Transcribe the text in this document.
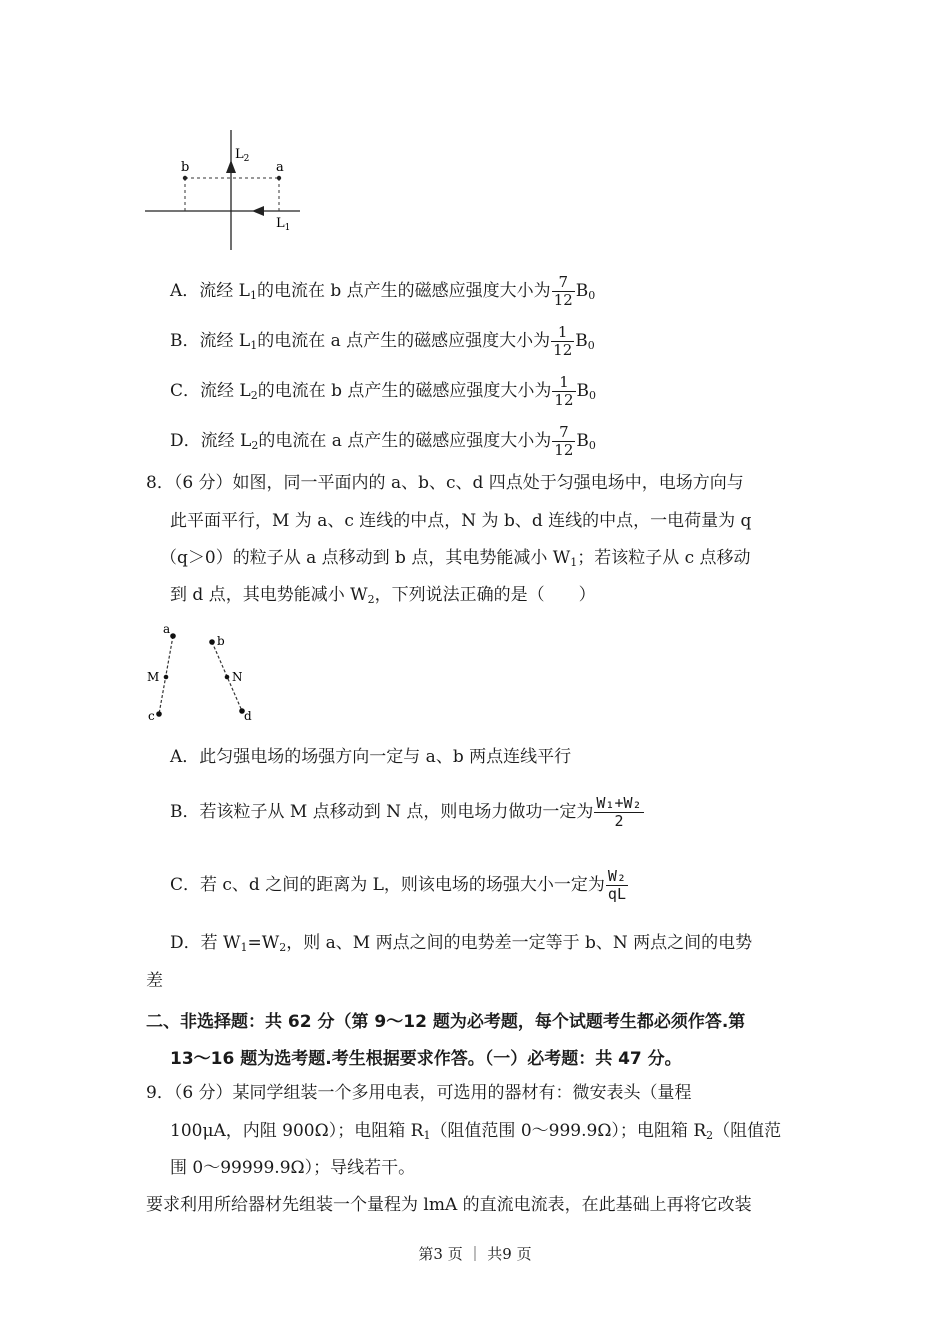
b	a
$L_2$
$L_1$
A．流经 $L_1$的电流在 b 点产生的磁感应强度大小为 $\frac{7}{12} B_0$
B．流经 $L_1$的电流在 a 点产生的磁感应强度大小为 $\frac{1}{12} B_0$
C．流经 $L_2$的电流在 b 点产生的磁感应强度大小为 $\frac{1}{12} B_0$
D．流经 $L_2$的电流在 a 点产生的磁感应强度大小为 $\frac{7}{12} B_0$
8．（6 分）如图，同一平面内的 a、b、c、d 四点处于匀强电场中，电场方向与
此平面平行，M 为 a、c 连线的中点，N 为 b、d 连线的中点，一电荷量为 q
（q＞0）的粒子从 a 点移动到 b 点，其电势能减小 $W_1$；若该粒子从 c 点移动
到 d 点，其电势能减小 $W_2$，下列说法正确的是（　　）
a
b
M	N
c	d
A．此匀强电场的场强方向一定与 a、b 两点连线平行
B．若该粒子从 M 点移动到 N 点，则电场力做功一定为 $\frac{\text{W₁+W₂}}{2}$
C．若 c、d 之间的距离为 L，则该电场的场强大小一定为 $\frac{\text{W₂}}{qL}$
D．若 $W_1=W_2$，则 a、M 两点之间的电势差一定等于 b、N 两点之间的电势
差
二、非选择题：共 62 分（第 9～12 题为必考题，每个试题考生都必须作答.第
13～16 题为选考题.考生根据要求作答。（一）必考题：共 47 分。
9．（6 分）某同学组装一个多用电表，可选用的器材有：微安表头（量程
100μA，内阻 900Ω）；电阻箱 $R_1$（阻值范围 0～999.9Ω）；电阻箱 $R_2$（阻值范
围 0～99999.9Ω）；导线若干。
要求利用所给器材先组装一个量程为 lmA 的直流电流表，在此基础上再将它改装
第3 页 ｜ 共9 页
